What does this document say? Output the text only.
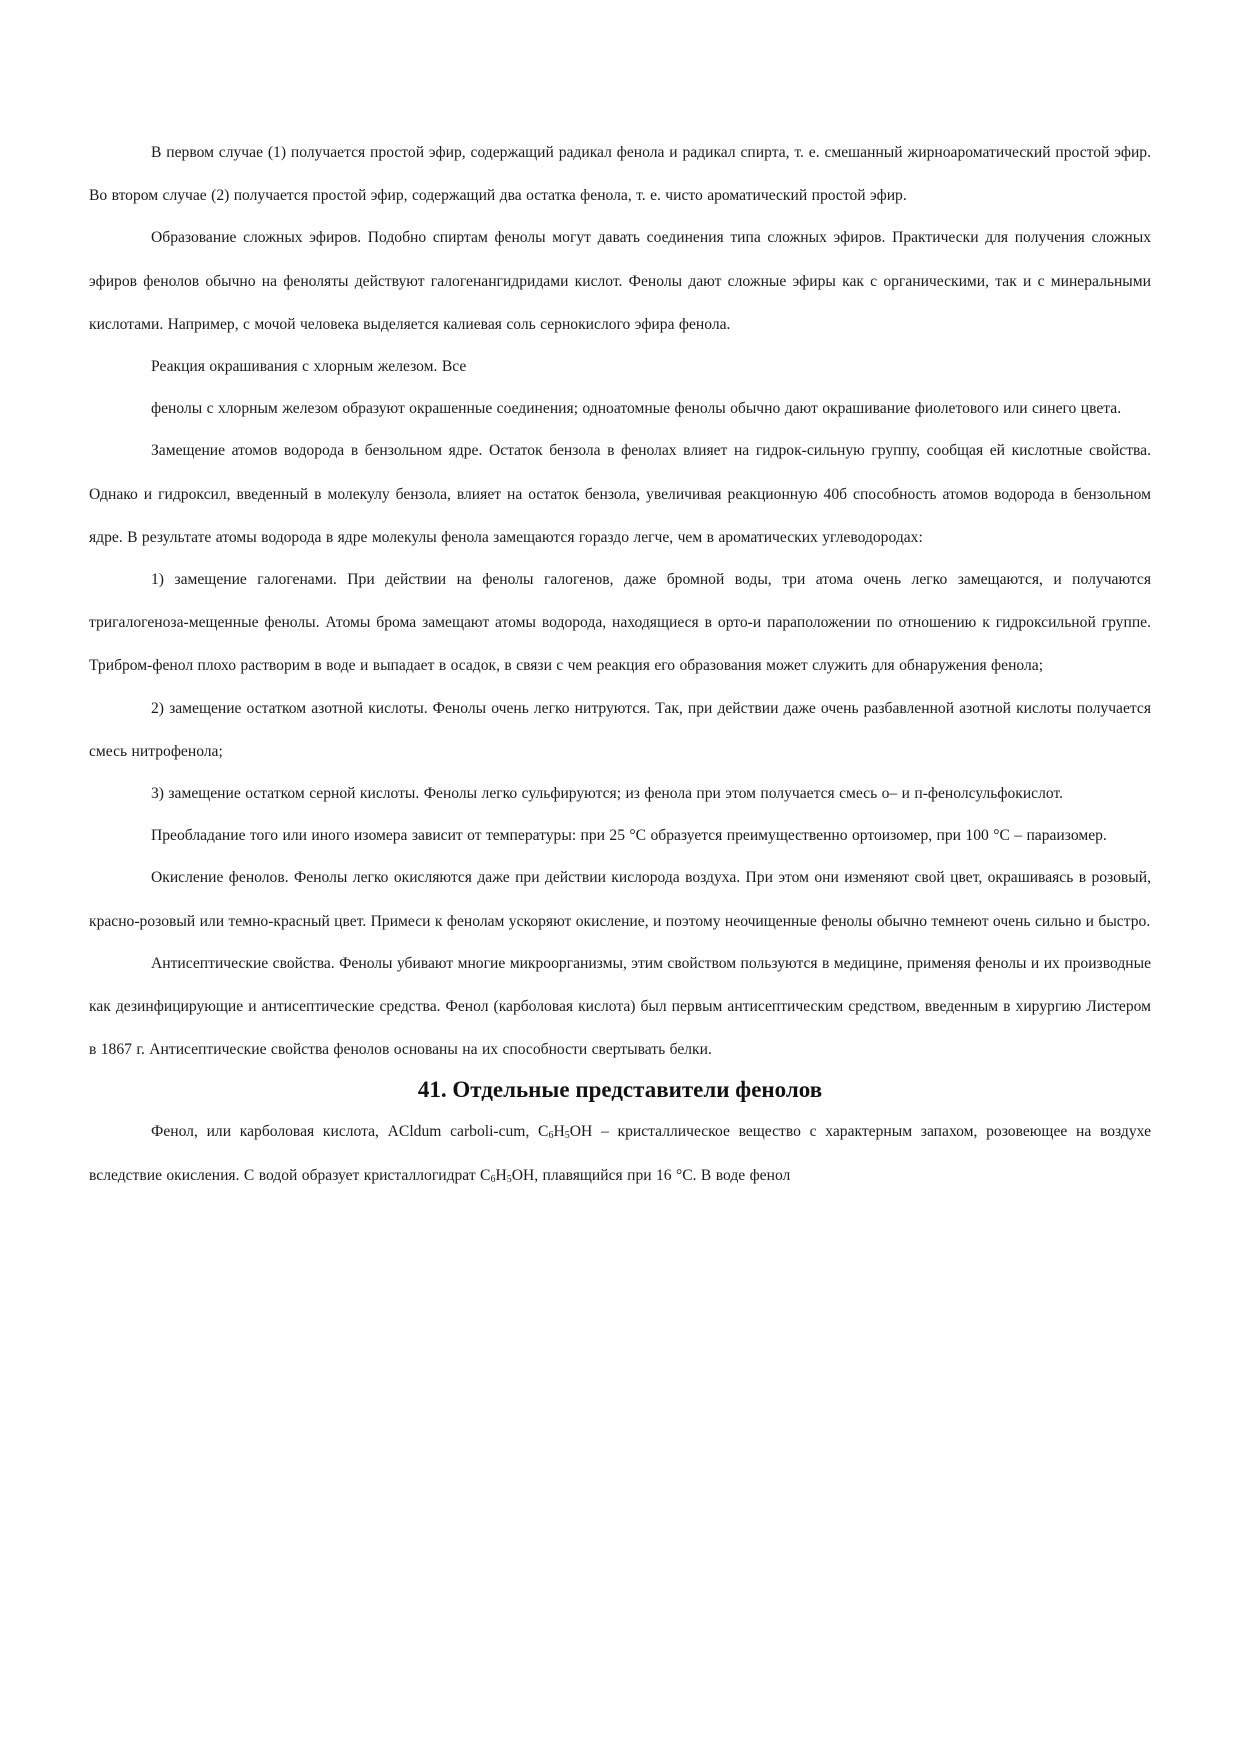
В первом случае (1) получается простой эфир, содержащий радикал фенола и радикал спирта, т. е. смешанный жирноароматический простой эфир. Во втором случае (2) получается простой эфир, содержащий два остатка фенола, т. е. чисто ароматический простой эфир.

Образование сложных эфиров. Подобно спиртам фенолы могут давать соединения типа сложных эфиров. Практически для получения сложных эфиров фенолов обычно на феноляты действуют галогенангидридами кислот. Фенолы дают сложные эфиры как с органическими, так и с минеральными кислотами. Например, с мочой человека выделяется калиевая соль сернокислого эфира фенола.

Реакция окрашивания с хлорным железом. Все

фенолы с хлорным железом образуют окрашенные соединения; одноатомные фенолы обычно дают окрашивание фиолетового или синего цвета.

Замещение атомов водорода в бензольном ядре. Остаток бензола в фенолах влияет на гидрок-сильную группу, сообщая ей кислотные свойства. Однако и гидроксил, введенный в молекулу бензола, влияет на остаток бензола, увеличивая реакционную 40б способность атомов водорода в бензольном ядре. В результате атомы водорода в ядре молекулы фенола замещаются гораздо легче, чем в ароматических углеводородах:

1) замещение галогенами. При действии на фенолы галогенов, даже бромной воды, три атома очень легко замещаются, и получаются тригалогеноза-мещенные фенолы. Атомы брома замещают атомы водорода, находящиеся в орто-и параположении по отношению к гидроксильной группе. Трибром-фенол плохо растворим в воде и выпадает в осадок, в связи с чем реакция его образования может служить для обнаружения фенола;

2) замещение остатком азотной кислоты. Фенолы очень легко нитруются. Так, при действии даже очень разбавленной азотной кислоты получается смесь нитрофенола;

3) замещение остатком серной кислоты. Фенолы легко сульфируются; из фенола при этом получается смесь о– и п-фенолсульфокислот.

Преобладание того или иного изомера зависит от температуры: при 25 °С образуется преимущественно ортоизомер, при 100 °С – параизомер.

Окисление фенолов. Фенолы легко окисляются даже при действии кислорода воздуха. При этом они изменяют свой цвет, окрашиваясь в розовый, красно-розовый или темно-красный цвет. Примеси к фенолам ускоряют окисление, и поэтому неочищенные фенолы обычно темнеют очень сильно и быстро.

Антисептические свойства. Фенолы убивают многие микроорганизмы, этим свойством пользуются в медицине, применяя фенолы и их производные как дезинфицирующие и антисептические средства. Фенол (карболовая кислота) был первым антисептическим средством, введенным в хирургию Листером в 1867 г. Антисептические свойства фенолов основаны на их способности свертывать белки.

41. Отдельные представители фенолов

Фенол, или карболовая кислота, ACldum carboli-cum, $C_6H_5OH$ – кристаллическое вещество с характерным запахом, розовеющее на воздухе вследствие окисления. С водой образует кристаллогидрат $C_6H_5OH$, плавящийся при 16 °С. В воде фенол
